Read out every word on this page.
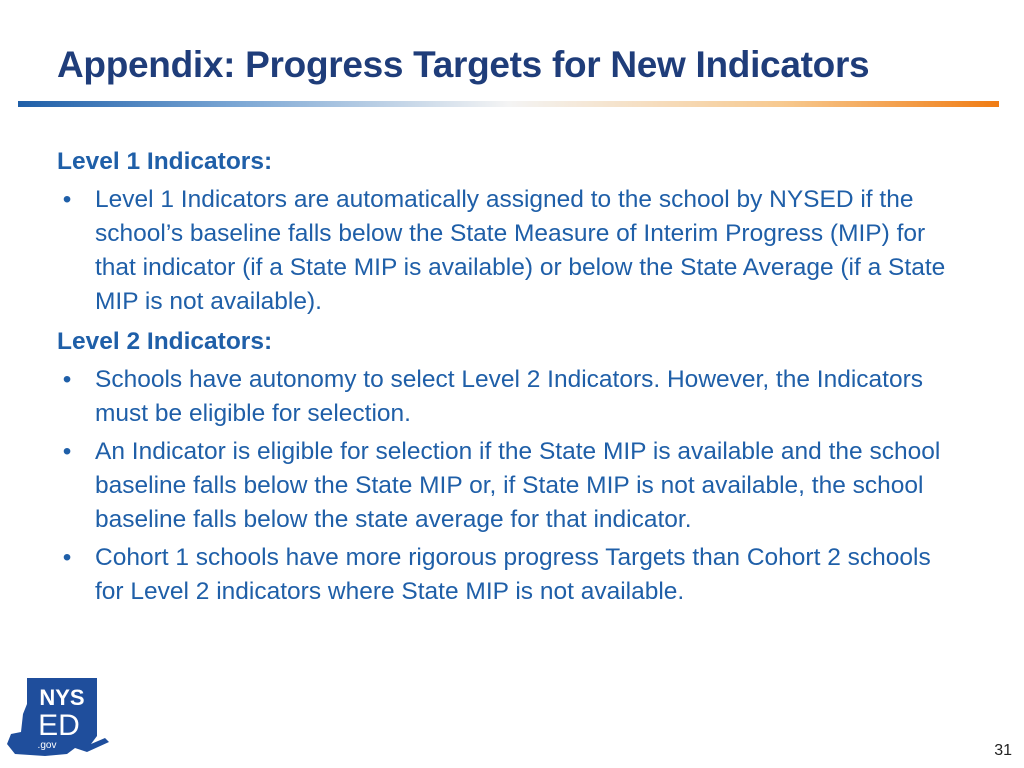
Appendix: Progress Targets for New Indicators

Level 1 Indicators:

• Level 1 Indicators are automatically assigned to the school by NYSED if the school’s baseline falls below the State Measure of Interim Progress (MIP) for that indicator (if a State MIP is available) or below the State Average (if a State MIP is not available).

Level 2 Indicators:

• Schools have autonomy to select Level 2 Indicators. However, the Indicators must be eligible for selection.
• An Indicator is eligible for selection if the State MIP is available and the school baseline falls below the State MIP or, if State MIP is not available, the school baseline falls below the state average for that indicator.
• Cohort 1 schools have more rigorous progress Targets than Cohort 2 schools for Level 2 indicators where State MIP is not available.
NYS
ED
.gov	31
